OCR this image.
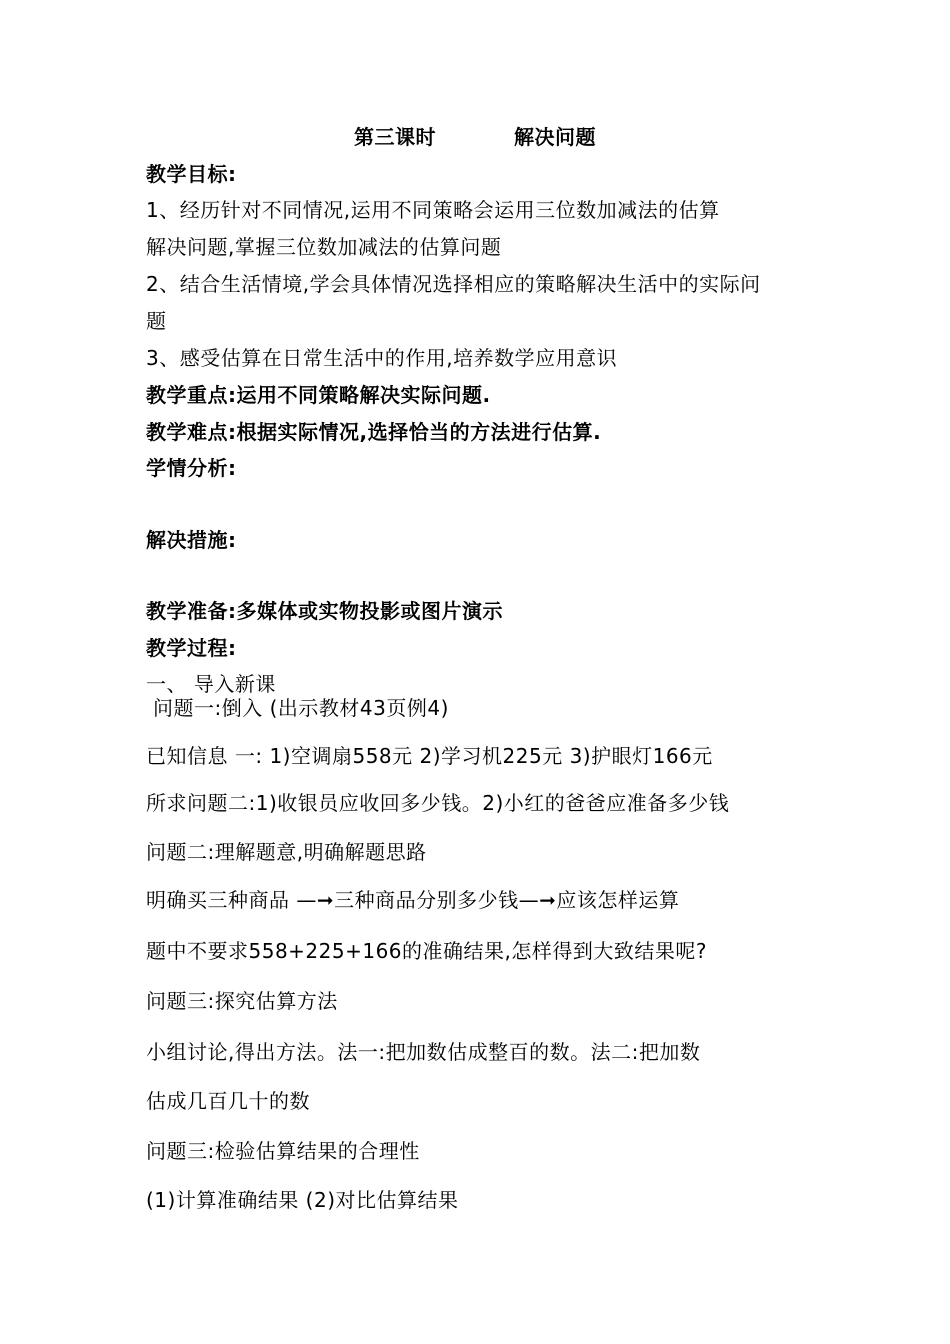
第三课时	解决问题
教学目标:
1、经历针对不同情况,运用不同策略会运用三位数加减法的估算
解决问题,掌握三位数加减法的估算问题
2、结合生活情境,学会具体情况选择相应的策略解决生活中的实际问
题
3、感受估算在日常生活中的作用,培养数学应用意识
教学重点:运用不同策略解决实际问题.
教学难点:根据实际情况,选择恰当的方法进行估算.
学情分析:
解决措施:
教学准备:多媒体或实物投影或图片演示
教学过程:
一、 导入新课
问题一:倒入 (出示教材43页例4)
已知信息 一: 1)空调扇558元 2)学习机225元 3)护眼灯166元
所求问题二:1)收银员应收回多少钱。2)小红的爸爸应准备多少钱
问题二:理解题意,明确解题思路
明确买三种商品 —➞三种商品分别多少钱—➞应该怎样运算
题中不要求558+225+166的准确结果,怎样得到大致结果呢?
问题三:探究估算方法
小组讨论,得出方法。法一:把加数估成整百的数。法二:把加数
估成几百几十的数
问题三:检验估算结果的合理性
(1)计算准确结果 (2)对比估算结果
